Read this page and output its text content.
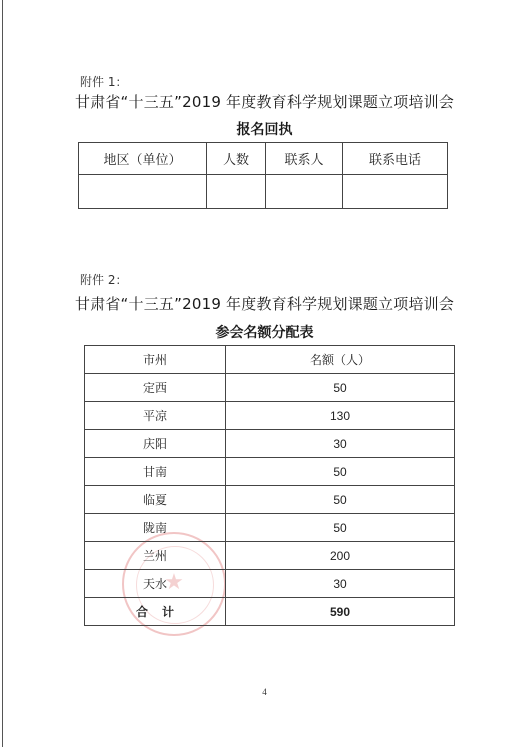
附件 1：
甘肃省“十三五”2019 年度教育科学规划课题立项培训会
报名回执
地区（单位）	人数	联系人	联系电话

附件 2：
甘肃省“十三五”2019 年度教育科学规划课题立项培训会
参会名额分配表
★
市州	名额（人）
定西	50
平凉	130
庆阳	30
甘南	50
临夏	50
陇南	50
兰州	200
天水	30
合计	590
4
